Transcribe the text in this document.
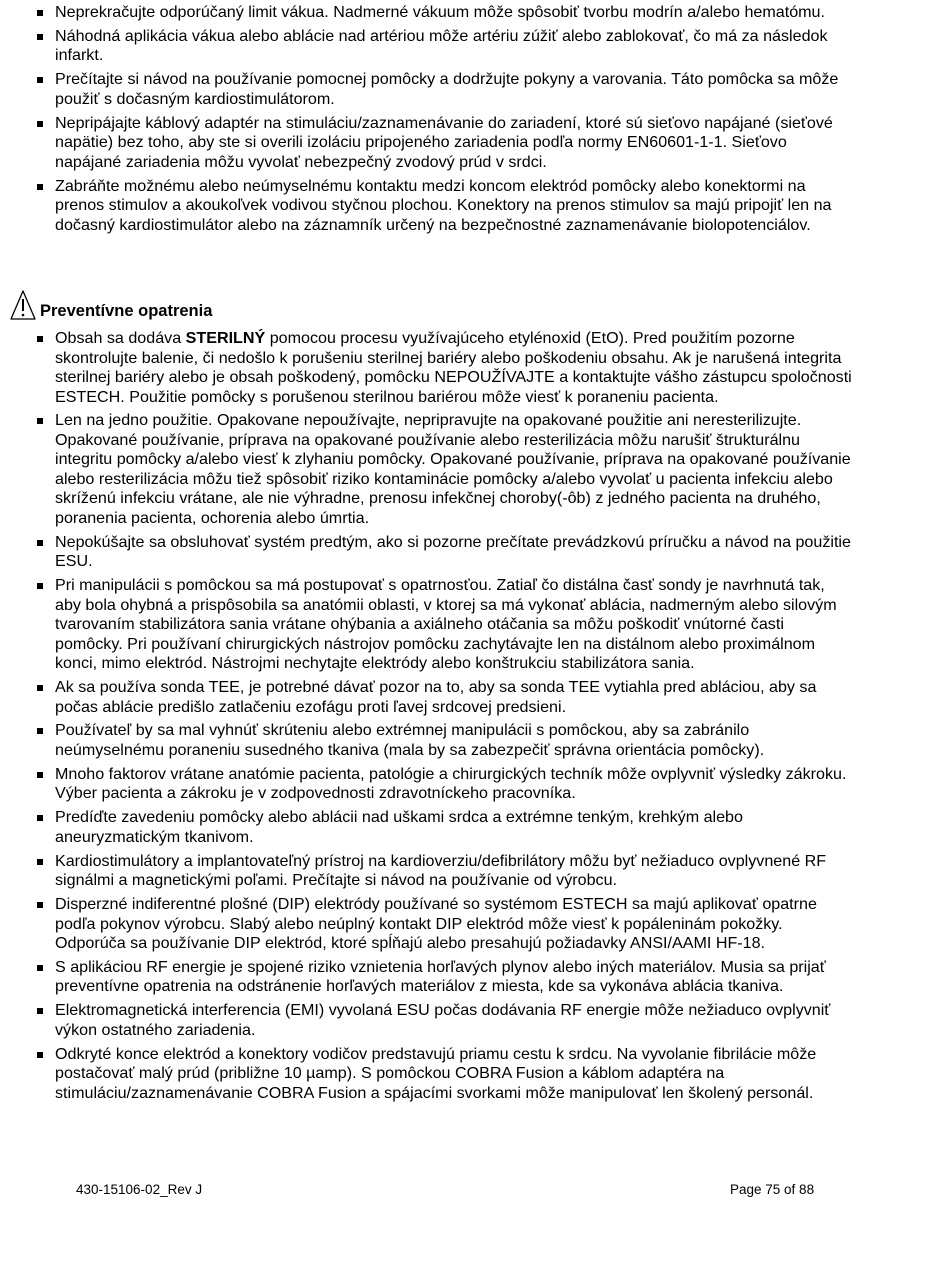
Neprekračujte odporúčaný limit vákua. Nadmerné vákuum môže spôsobiť tvorbu modrín a/alebo hematómu.
Náhodná aplikácia vákua alebo ablácie nad artériou môže artériu zúžiť alebo zablokovať, čo má za následok infarkt.
Prečítajte si návod na používanie pomocnej pomôcky a dodržujte pokyny a varovania. Táto pomôcka sa môže použiť s dočasným kardiostimulátorom.
Nepripájajte káblový adaptér na stimuláciu/zaznamenávanie do zariadení, ktoré sú sieťovo napájané (sieťové napätie) bez toho, aby ste si overili izoláciu pripojeného zariadenia podľa normy EN60601-1-1. Sieťovo napájané zariadenia môžu vyvolať nebezpečný zvodový prúd v srdci.
Zabráňte možnému alebo neúmyselnému kontaktu medzi koncom elektród pomôcky alebo konektormi na prenos stimulov a akoukoľvek vodivou styčnou plochou. Konektory na prenos stimulov sa majú pripojiť len na dočasný kardiostimulátor alebo na záznamník určený na bezpečnostné zaznamenávanie biolopotenciálov.
Preventívne opatrenia
Obsah sa dodáva STERILNÝ pomocou procesu využívajúceho etylénoxid (EtO). Pred použitím pozorne skontrolujte balenie, či nedošlo k porušeniu sterilnej bariéry alebo poškodeniu obsahu. Ak je narušená integrita sterilnej bariéry alebo je obsah poškodený, pomôcku NEPOUŽÍVAJTE a kontaktujte vášho zástupcu spoločnosti ESTECH. Použitie pomôcky s porušenou sterilnou bariérou môže viesť k poraneniu pacienta.
Len na jedno použitie. Opakovane nepoužívajte, nepripravujte na opakované použitie ani neresterilizujte. Opakované používanie, príprava na opakované používanie alebo resterilizácia môžu narušiť štrukturálnu integritu pomôcky a/alebo viesť k zlyhaniu pomôcky. Opakované používanie, príprava na opakované používanie alebo resterilizácia môžu tiež spôsobiť riziko kontaminácie pomôcky a/alebo vyvolať u pacienta infekciu alebo skríženú infekciu vrátane, ale nie výhradne, prenosu infekčnej choroby(-ôb) z jedného pacienta na druhého, poranenia pacienta, ochorenia alebo úmrtia.
Nepokúšajte sa obsluhovať systém predtým, ako si pozorne prečítate prevádzkovú príručku a návod na použitie ESU.
Pri manipulácii s pomôckou sa má postupovať s opatrnosťou. Zatiaľ čo distálna časť sondy je navrhnutá tak, aby bola ohybná a prispôsobila sa anatómii oblasti, v ktorej sa má vykonať ablácia, nadmerným alebo silovým tvarovaním stabilizátora sania vrátane ohýbania a axiálneho otáčania sa môžu poškodiť vnútorné časti pomôcky. Pri používaní chirurgických nástrojov pomôcku zachytávajte len na distálnom alebo proximálnom konci, mimo elektród. Nástrojmi nechytajte elektródy alebo konštrukciu stabilizátora sania.
Ak sa používa sonda TEE, je potrebné dávať pozor na to, aby sa sonda TEE vytiahla pred abláciou, aby sa počas ablácie predišlo zatlačeniu ezofágu proti ľavej srdcovej predsieni.
Používateľ by sa mal vyhnúť skrúteniu alebo extrémnej manipulácii s pomôckou, aby sa zabránilo neúmyselnému poraneniu susedného tkaniva (mala by sa zabezpečiť správna orientácia pomôcky).
Mnoho faktorov vrátane anatómie pacienta, patológie a chirurgických techník môže ovplyvniť výsledky zákroku. Výber pacienta a zákroku je v zodpovednosti zdravotníckeho pracovníka.
Predíďte zavedeniu pomôcky alebo ablácii nad uškami srdca a extrémne tenkým, krehkým alebo aneuryzmatickým tkanivom.
Kardiostimulátory a implantovateľný prístroj na kardioverziu/defibrilátory môžu byť nežiaduco ovplyvnené RF signálmi a magnetickými poľami. Prečítajte si návod na používanie od výrobcu.
Disperzné indiferentné plošné (DIP) elektródy používané so systémom ESTECH sa majú aplikovať opatrne podľa pokynov výrobcu. Slabý alebo neúplný kontakt DIP elektród môže viesť k popáleninám pokožky. Odporúča sa používanie DIP elektród, ktoré spĺňajú alebo presahujú požiadavky ANSI/AAMI HF-18.
S aplikáciou RF energie je spojené riziko vznietenia horľavých plynov alebo iných materiálov. Musia sa prijať preventívne opatrenia na odstránenie horľavých materiálov z miesta, kde sa vykonáva ablácia tkaniva.
Elektromagnetická interferencia (EMI) vyvolaná ESU počas dodávania RF energie môže nežiaduco ovplyvniť výkon ostatného zariadenia.
Odkryté konce elektród a konektory vodičov predstavujú priamu cestu k srdcu. Na vyvolanie fibrilácie môže postačovať malý prúd (približne 10 µamp). S pomôckou COBRA Fusion a káblom adaptéra na stimuláciu/zaznamenávanie COBRA Fusion a spájacími svorkami môže manipulovať len školený personál.
430-15106-02_Rev J	Page 75 of 88
